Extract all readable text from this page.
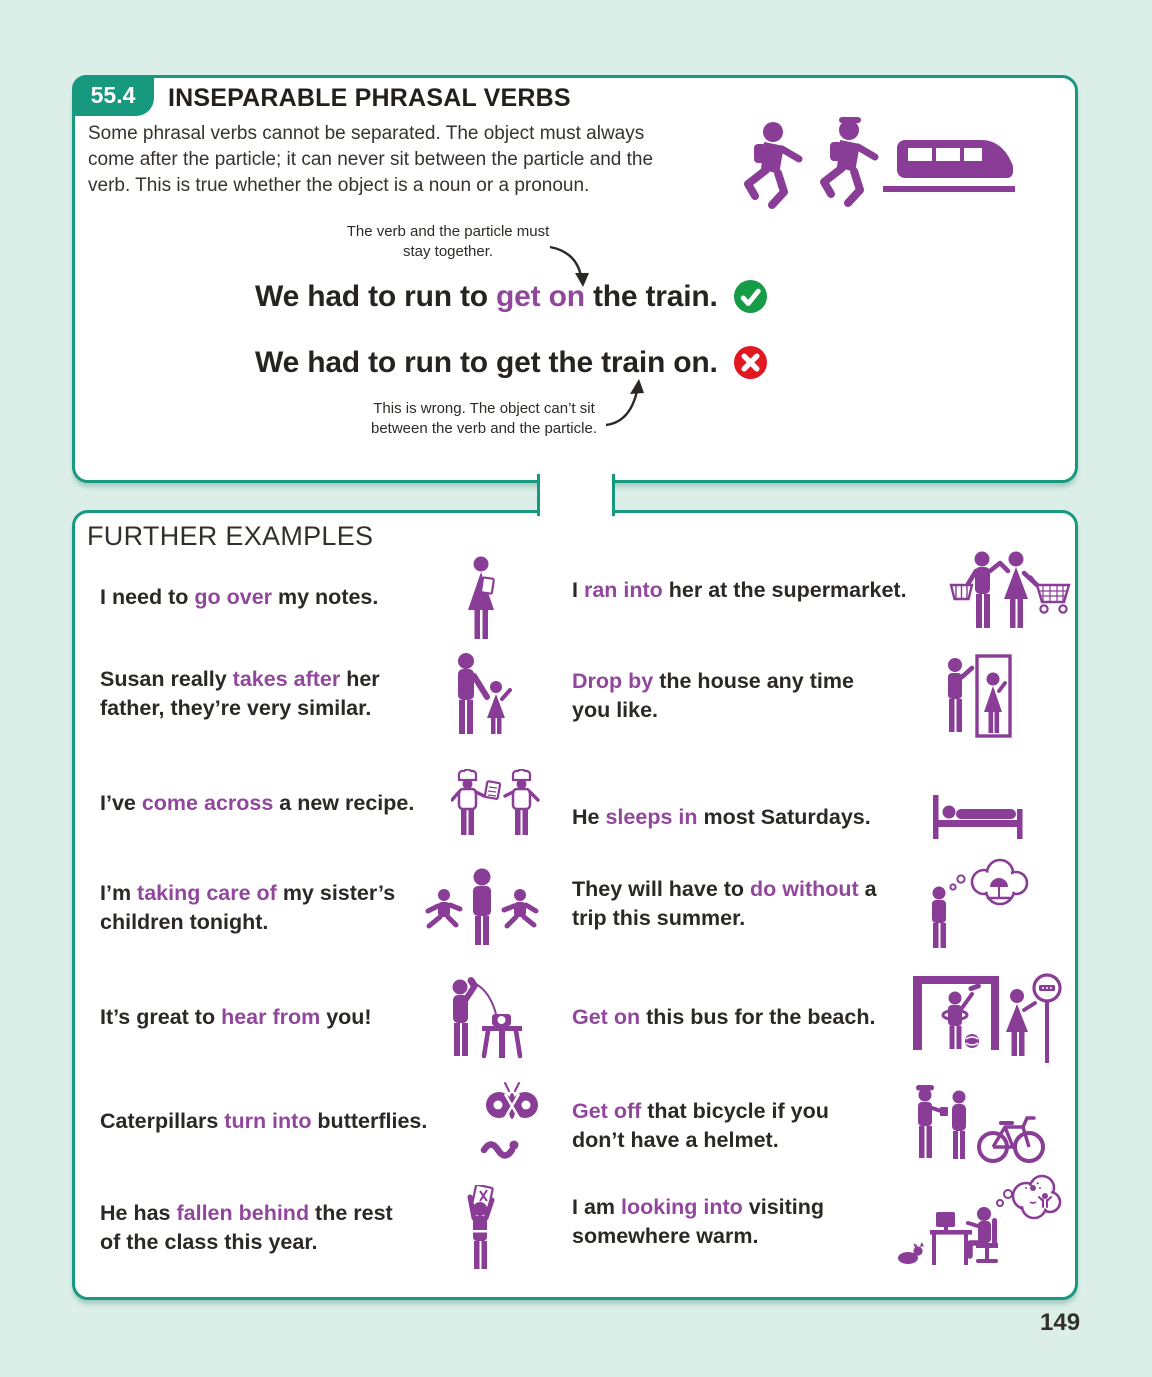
55.4	INSEPARABLE PHRASAL VERBS
Some phrasal verbs cannot be separated. The object must always come after the particle; it can never sit between the particle and the verb. This is true whether the object is a noun or a pronoun.
The verb and the particle must stay together.
We had to run to get on the train.
We had to run to get the train on.
This is wrong. The object can’t sit between the verb and the particle.
FURTHER EXAMPLES
I need to go over my notes.
Susan really takes after her father, they’re very similar.
I’ve come across a new recipe.
I’m taking care of my sister’s children tonight.
It’s great to hear from you!
Caterpillars turn into butterflies.
He has fallen behind the rest of the class this year.
I ran into her at the supermarket.
Drop by the house any time you like.
He sleeps in most Saturdays.
They will have to do without a trip this summer.
Get on this bus for the beach.
Get off that bicycle if you don’t have a helmet.
I am looking into visiting somewhere warm.
149
